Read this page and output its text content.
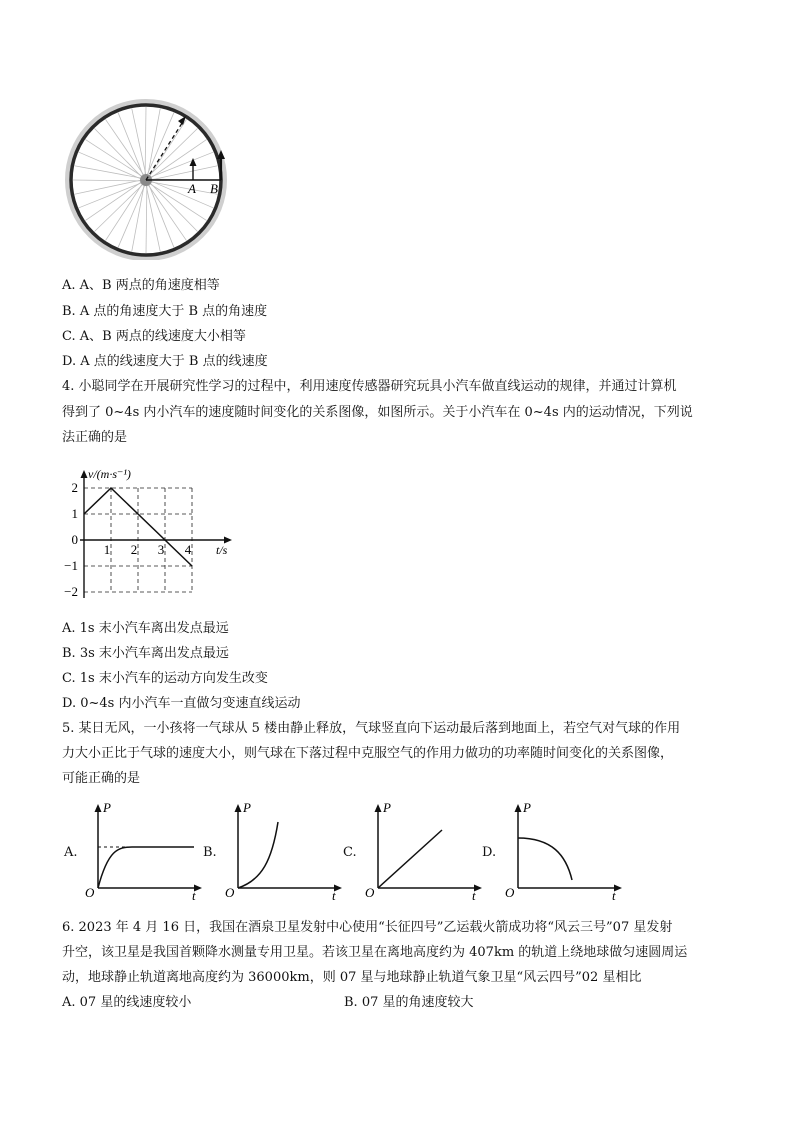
A B
A. A、B 两点的角速度相等
B. A 点的角速度大于 B 点的角速度
C. A、B 两点的线速度大小相等
D. A 点的线速度大于 B 点的线速度
4. 小聪同学在开展研究性学习的过程中，利用速度传感器研究玩具小汽车做直线运动的规律，并通过计算机
得到了 0~4s 内小汽车的速度随时间变化的关系图像，如图所示。关于小汽车在 0~4s 内的运动情况，下列说
法正确的是
2
1
0
−1
−2
1 2 3 4
v/(m·s⁻¹)
t/s
A. 1s 末小汽车离出发点最远
B. 3s 末小汽车离出发点最远
C. 1s 末小汽车的运动方向发生改变
D. 0~4s 内小汽车一直做匀变速直线运动
5. 某日无风，一小孩将一气球从 5 楼由静止释放，气球竖直向下运动最后落到地面上，若空气对气球的作用
力大小正比于气球的速度大小，则气球在下落过程中克服空气的作用力做功的功率随时间变化的关系图像，
可能正确的是
A.
P
t
O
B.
P
t
O
C.
P
t
O
D.
P
t
O
6. 2023 年 4 月 16 日，我国在酒泉卫星发射中心使用“长征四号”乙运载火箭成功将“风云三号”07 星发射
升空，该卫星是我国首颗降水测量专用卫星。若该卫星在离地高度约为 407km 的轨道上绕地球做匀速圆周运
动，地球静止轨道离地高度约为 36000km，则 07 星与地球静止轨道气象卫星“风云四号”02 星相比
A. 07 星的线速度较小	B. 07 星的角速度较大
